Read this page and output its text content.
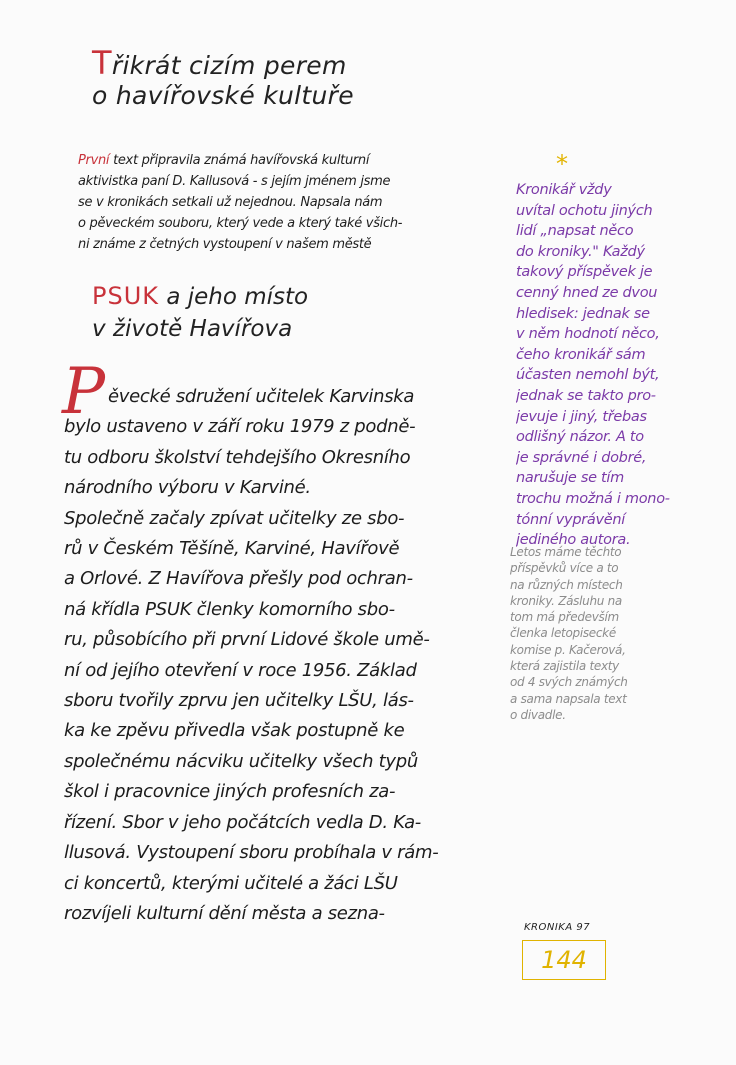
Třikrát cizím perem
o havířovské kultuře
První text připravila známá havířovská kulturní
aktivistka paní D. Kallusová - s jejím jménem jsme
se v kronikách setkali už nejednou. Napsala nám
o pěveckém souboru, který vede a který také všich-
ni známe z četných vystoupení v našem městě
PSUK a jeho místo
v životě Havířova
P ěvecké sdružení učitelek Karvinska
bylo ustaveno v září roku 1979 z podně-
tu odboru školství tehdejšího Okresního
národního výboru v Karviné.
Společně začaly zpívat učitelky ze sbo-
rů v Českém Těšíně, Karviné, Havířově
a Orlové. Z Havířova přešly pod ochran-
ná křídla PSUK členky komorního sbo-
ru, působícího při první Lidové škole umě-
ní od jejího otevření v roce 1956. Základ
sboru tvořily zprvu jen učitelky LŠU, lás-
ka ke zpěvu přivedla však postupně ke
společnému nácviku učitelky všech typů
škol i pracovnice jiných profesních za-
řízení. Sbor v jeho počátcích vedla D. Ka-
llusová. Vystoupení sboru probíhala v rám-
ci koncertů, kterými učitelé a žáci LŠU
rozvíjeli kulturní dění města a sezna-
*
Kronikář vždy
uvítal ochotu jiných
lidí „napsat něco
do kroniky." Každý
takový příspěvek je
cenný hned ze dvou
hledisek: jednak se
v něm hodnotí něco,
čeho kronikář sám
účasten nemohl být,
jednak se takto pro-
jevuje i jiný, třebas
odlišný názor. A to
je správné i dobré,
narušuje se tím
trochu možná i mono-
tónní vyprávění
jediného autora.
Letos máme těchto
příspěvků více a to
na různých místech
kroniky. Zásluhu na
tom má především
členka letopisecké
komise p. Kačerová,
která zajistila texty
od 4 svých známých
a sama napsala text
o divadle.
KRONIKA 97
144
